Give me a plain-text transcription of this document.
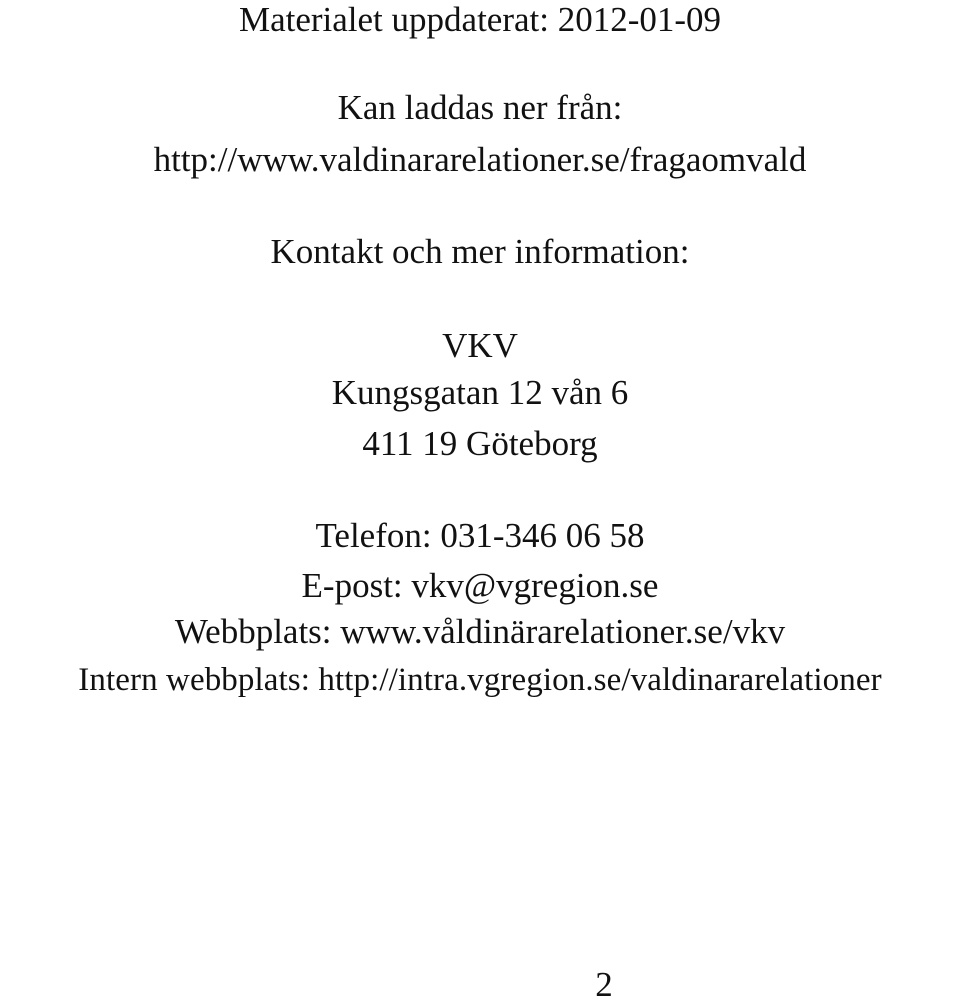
Materialet uppdaterat: 2012-01-09
Kan laddas ner från:
http://www.valdinararelationer.se/fragaomvald
Kontakt och mer information:
VKV
Kungsgatan 12 vån 6
411 19 Göteborg
Telefon: 031-346 06 58
E-post: vkv@vgregion.se
Webbplats: www.våldinärarelationer.se/vkv
Intern webbplats: http://intra.vgregion.se/valdinararelationer
2
